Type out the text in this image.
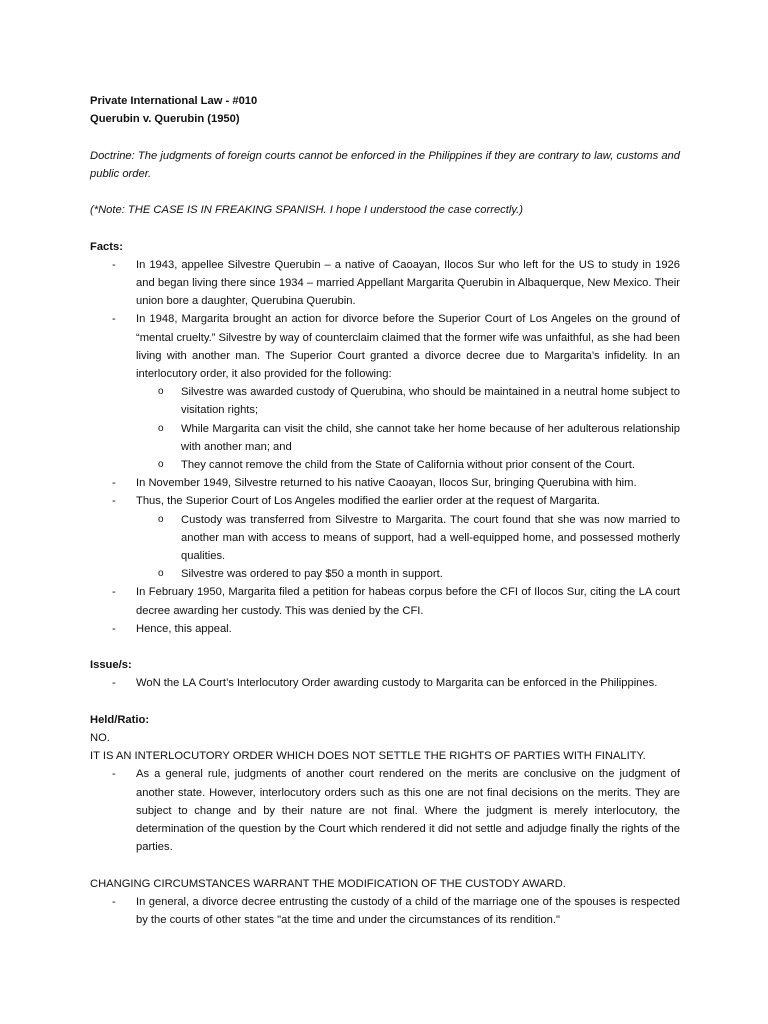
Private International Law - #010
Querubin v. Querubin (1950)
Doctrine: The judgments of foreign courts cannot be enforced in the Philippines if they are contrary to law, customs and public order.
(*Note: THE CASE IS IN FREAKING SPANISH. I hope I understood the case correctly.)
Facts:
- In 1943, appellee Silvestre Querubin – a native of Caoayan, Ilocos Sur who left for the US to study in 1926 and began living there since 1934 – married Appellant Margarita Querubin in Albaquerque, New Mexico. Their union bore a daughter, Querubina Querubin.
- In 1948, Margarita brought an action for divorce before the Superior Court of Los Angeles on the ground of “mental cruelty.” Silvestre by way of counterclaim claimed that the former wife was unfaithful, as she had been living with another man. The Superior Court granted a divorce decree due to Margarita’s infidelity. In an interlocutory order, it also provided for the following:
o Silvestre was awarded custody of Querubina, who should be maintained in a neutral home subject to visitation rights;
o While Margarita can visit the child, she cannot take her home because of her adulterous relationship with another man; and
o They cannot remove the child from the State of California without prior consent of the Court.
- In November 1949, Silvestre returned to his native Caoayan, Ilocos Sur, bringing Querubina with him.
- Thus, the Superior Court of Los Angeles modified the earlier order at the request of Margarita.
o Custody was transferred from Silvestre to Margarita. The court found that she was now married to another man with access to means of support, had a well-equipped home, and possessed motherly qualities.
o Silvestre was ordered to pay $50 a month in support.
- In February 1950, Margarita filed a petition for habeas corpus before the CFI of Ilocos Sur, citing the LA court decree awarding her custody. This was denied by the CFI.
- Hence, this appeal.
Issue/s:
- WoN the LA Court’s Interlocutory Order awarding custody to Margarita can be enforced in the Philippines.
Held/Ratio:
NO.
IT IS AN INTERLOCUTORY ORDER WHICH DOES NOT SETTLE THE RIGHTS OF PARTIES WITH FINALITY.
- As a general rule, judgments of another court rendered on the merits are conclusive on the judgment of another state. However, interlocutory orders such as this one are not final decisions on the merits. They are subject to change and by their nature are not final. Where the judgment is merely interlocutory, the determination of the question by the Court which rendered it did not settle and adjudge finally the rights of the parties.
CHANGING CIRCUMSTANCES WARRANT THE MODIFICATION OF THE CUSTODY AWARD.
- In general, a divorce decree entrusting the custody of a child of the marriage one of the spouses is respected by the courts of other states "at the time and under the circumstances of its rendition."
